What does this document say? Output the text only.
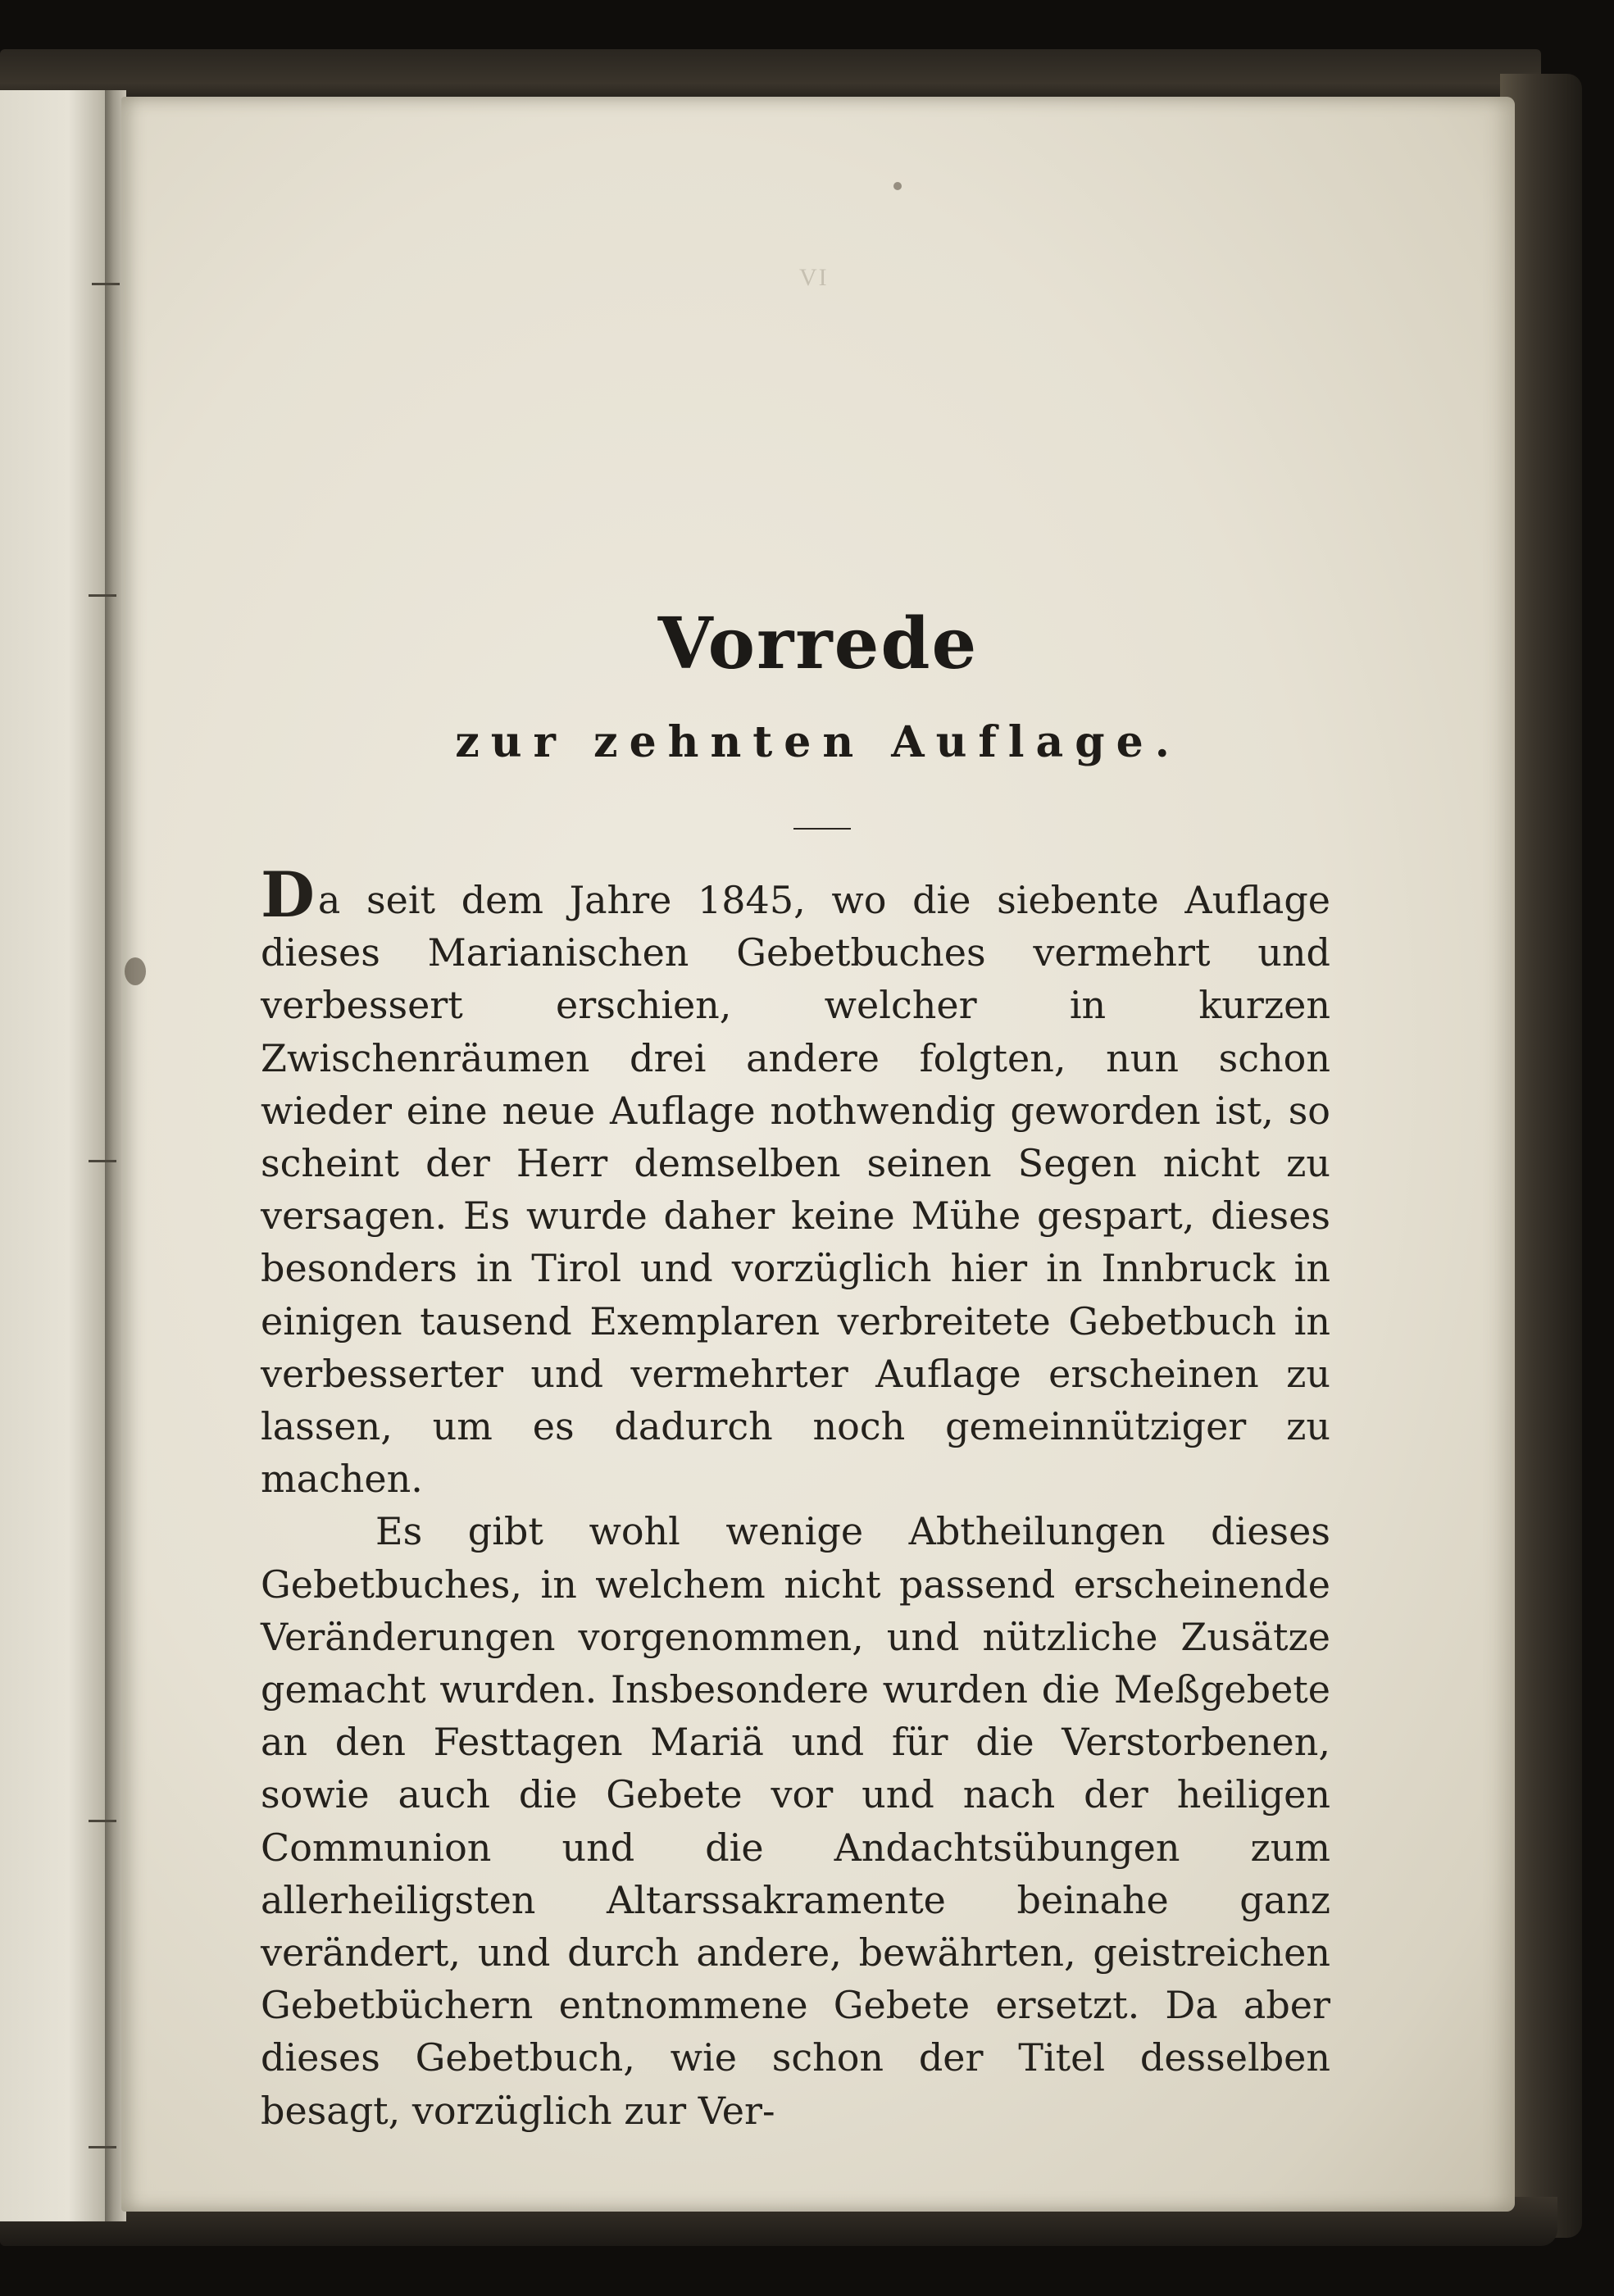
VI
Vorrede
zur zehnten Auflage.

Da seit dem Jahre 1845, wo die siebente Auflage dieses Marianischen Gebetbuches vermehrt und verbessert erschien, welcher in kurzen Zwischenräumen drei andere folgten, nun schon wieder eine neue Auflage nothwendig geworden ist, so scheint der Herr demselben seinen Segen nicht zu versagen. Es wurde daher keine Mühe gespart, dieses besonders in Tirol und vorzüglich hier in Innbruck in einigen tausend Exemplaren verbreitete Gebetbuch in verbesserter und vermehrter Auflage erscheinen zu lassen, um es dadurch noch gemeinnütziger zu machen.

Es gibt wohl wenige Abtheilungen dieses Gebetbuches, in welchem nicht passend erscheinende Veränderungen vorgenommen, und nützliche Zusätze gemacht wurden. Insbesondere wurden die Meßgebete an den Festtagen Mariä und für die Verstorbenen, sowie auch die Gebete vor und nach der heiligen Communion und die Andachtsübungen zum allerheiligsten Altarssakramente beinahe ganz verändert, und durch andere, bewährten, geistreichen Gebetbüchern entnommene Gebete ersetzt. Da aber dieses Gebetbuch, wie schon der Titel desselben besagt, vorzüglich zur Ver-
